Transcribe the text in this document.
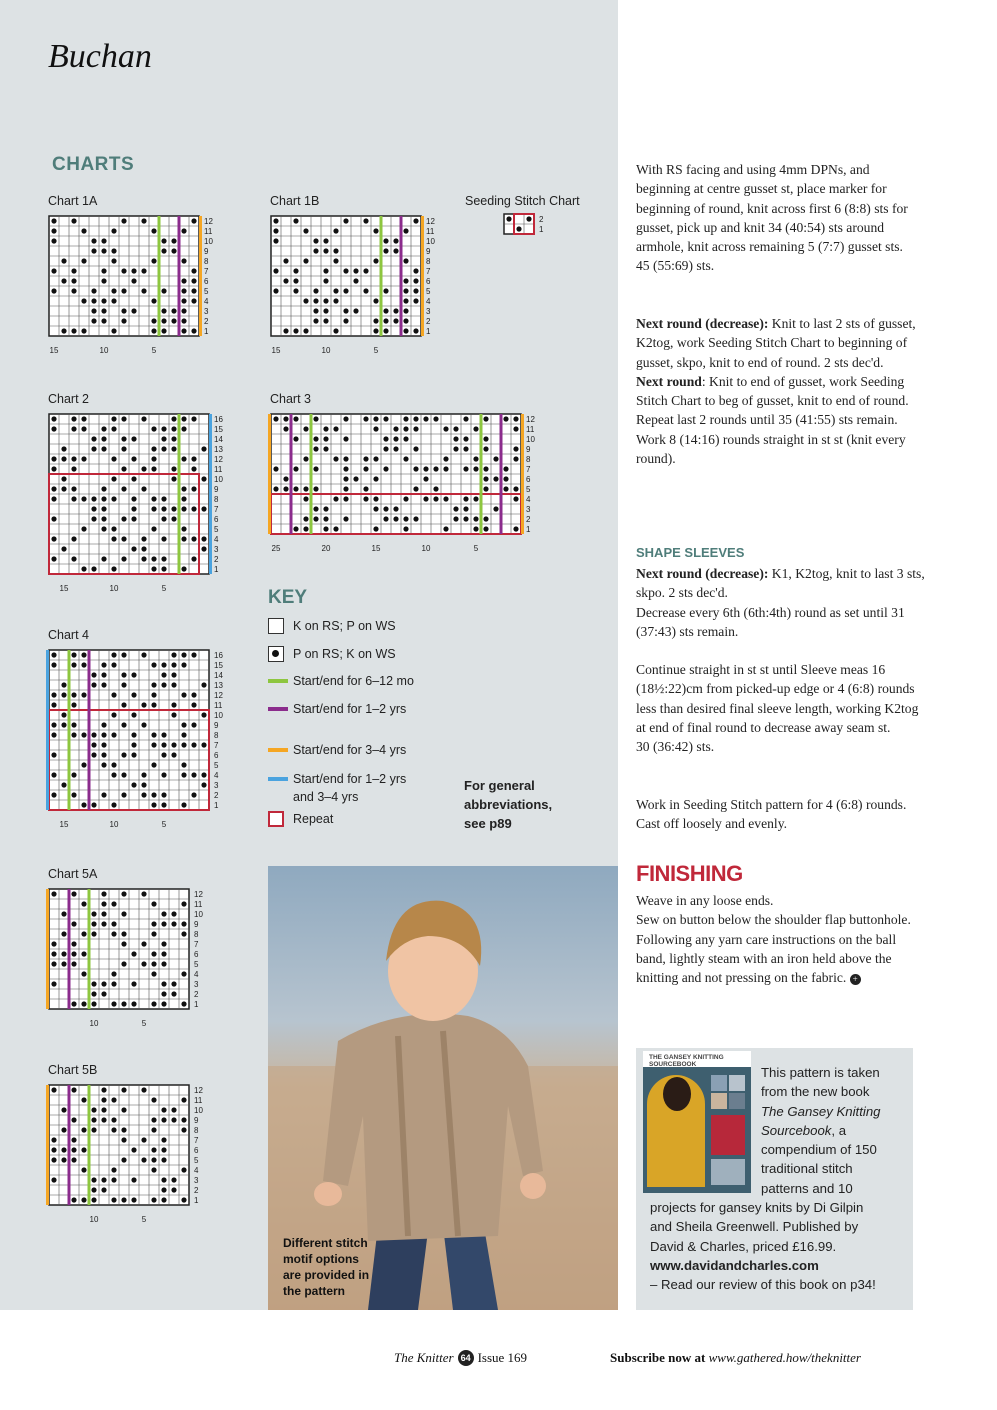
Buchan
CHARTS
Chart 1A	Chart 1B
Chart 2	Chart 3
Chart 4
Chart 5A
Chart 5B
Seeding Stitch Chart
12
11
10
9
8
7
6
5
4
3
2
1
15	10	5
12
11
10
9
8
7
6
5
4
3
2
1
15	10	5
16
15
14
13
12
11
10
9
8
7
6
5
4
3
2
1
15	10	5
12
11
10
9
8
7
6
5
4
3
2
1
25	20	15	10	5
16
15
14
13
12
11
10
9
8
7
6
5
4
3
2
1
15	10	5
12
11
10
9
8
7
6
5
4
3
2
1
10	5
12
11
10
9
8
7
6
5
4
3
2
1
10	5
2
1
KEY
K on RS; P on WS
P on RS; K on WS
Start/end for 6–12 mo
Start/end for 1–2 yrs
Start/end for 3–4 yrs
Start/end for 1–2 yrs and 3–4 yrs
Repeat
For general
abbreviations,
see p89
Different stitch
motif options
are provided in
the pattern

With RS facing and using 4mm DPNs, and beginning at centre gusset st, place marker for beginning of round, knit across first 6 (8:8) sts for gusset, pick up and knit 34 (40:54) sts around armhole, knit across remaining 5 (7:7) gusset sts.

45 (55:69) sts.

Next round (decrease): Knit to last 2 sts of gusset, K2tog, work Seeding Stitch Chart to beginning of gusset, skpo, knit to end of round. 2 sts dec'd.

Next round: Knit to end of gusset, work Seeding Stitch Chart to beg of gusset, knit to end of round.

Repeat last 2 rounds until 35 (41:55) sts remain.

Work 8 (14:16) rounds straight in st st (knit every round).

SHAPE SLEEVES

Next round (decrease): K1, K2tog, knit to last 3 sts, skpo. 2 sts dec'd.

Decrease every 6th (6th:4th) round as set until 31 (37:43) sts remain.

Continue straight in st st until Sleeve meas 16 (18½:22)cm from picked-up edge or 4 (6:8) rounds less than desired final sleeve length, working K2tog at end of final round to decrease away seam st.

30 (36:42) sts.

Work in Seeding Stitch pattern for 4 (6:8) rounds.

Cast off loosely and evenly.

FINISHING

Weave in any loose ends.

Sew on button below the shoulder flap buttonhole.

Following any yarn care instructions on the ball band, lightly steam with an iron held above the knitting and not pressing on the fabric. +

THE GANSEY KNITTING SOURCEBOOK
This pattern is taken
from the new book
The Gansey Knitting
Sourcebook, a
compendium of 150
traditional stitch
patterns and 10
projects for gansey knits by Di Gilpin
and Sheila Greenwell. Published by
David & Charles, priced £16.99.
www.davidandcharles.com
– Read our review of this book on p34!
The Knitter 64 Issue 169	Subscribe now at www.gathered.how/theknitter
